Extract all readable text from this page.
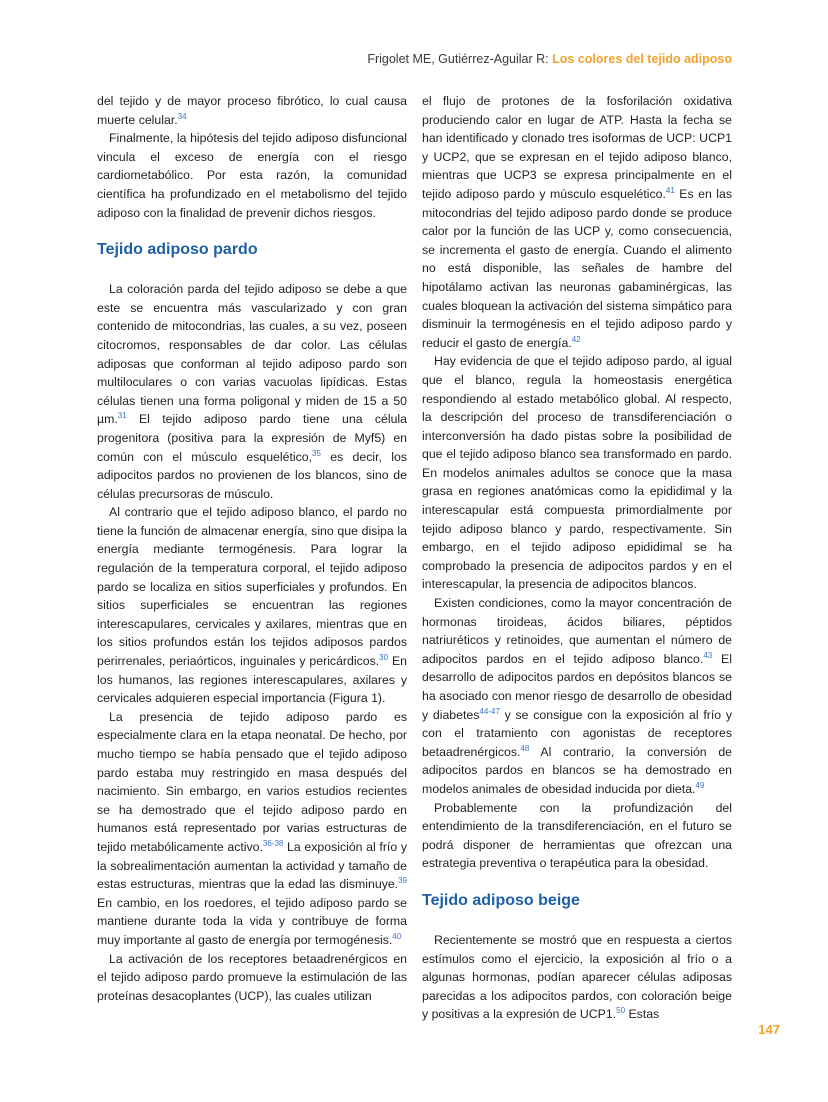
Frigolet ME, Gutiérrez-Aguilar R: Los colores del tejido adiposo

del tejido y de mayor proceso fibrótico, lo cual causa muerte celular.$^{34}$

Finalmente, la hipótesis del tejido adiposo disfuncional vincula el exceso de energía con el riesgo cardiometabólico. Por esta razón, la comunidad científica ha profundizado en el metabolismo del tejido adiposo con la finalidad de prevenir dichos riesgos.

Tejido adiposo pardo

La coloración parda del tejido adiposo se debe a que este se encuentra más vascularizado y con gran contenido de mitocondrias, las cuales, a su vez, poseen citocromos, responsables de dar color. Las células adiposas que conforman al tejido adiposo pardo son multiloculares o con varias vacuolas lipídicas. Estas células tienen una forma poligonal y miden de 15 a 50 µm.$^{31}$ El tejido adiposo pardo tiene una célula progenitora (positiva para la expresión de Myf5) en común con el músculo esquelético,$^{35}$ es decir, los adipocitos pardos no provienen de los blancos, sino de células precursoras de músculo.

Al contrario que el tejido adiposo blanco, el pardo no tiene la función de almacenar energía, sino que disipa la energía mediante termogénesis. Para lograr la regulación de la temperatura corporal, el tejido adiposo pardo se localiza en sitios superficiales y profundos. En sitios superficiales se encuentran las regiones interescapulares, cervicales y axilares, mientras que en los sitios profundos están los tejidos adiposos pardos perirrenales, periaórticos, inguinales y pericárdicos.$^{30}$ En los humanos, las regiones interescapulares, axilares y cervicales adquieren especial importancia (Figura 1).

La presencia de tejido adiposo pardo es especialmente clara en la etapa neonatal. De hecho, por mucho tiempo se había pensado que el tejido adiposo pardo estaba muy restringido en masa después del nacimiento. Sin embargo, en varios estudios recientes se ha demostrado que el tejido adiposo pardo en humanos está representado por varias estructuras de tejido metabólicamente activo.$^{36-38}$ La exposición al frío y la sobrealimentación aumentan la actividad y tamaño de estas estructuras, mientras que la edad las disminuye.$^{39}$ En cambio, en los roedores, el tejido adiposo pardo se mantiene durante toda la vida y contribuye de forma muy importante al gasto de energía por termogénesis.$^{40}$

La activación de los receptores betaadrenérgicos en el tejido adiposo pardo promueve la estimulación de las proteínas desacoplantes (UCP), las cuales utilizan

el flujo de protones de la fosforilación oxidativa produciendo calor en lugar de ATP. Hasta la fecha se han identificado y clonado tres isoformas de UCP: UCP1 y UCP2, que se expresan en el tejido adiposo blanco, mientras que UCP3 se expresa principalmente en el tejido adiposo pardo y músculo esquelético.$^{41}$ Es en las mitocondrias del tejido adiposo pardo donde se produce calor por la función de las UCP y, como consecuencia, se incrementa el gasto de energía. Cuando el alimento no está disponible, las señales de hambre del hipotálamo activan las neuronas gabaminérgicas, las cuales bloquean la activación del sistema simpático para disminuir la termogénesis en el tejido adiposo pardo y reducir el gasto de energía.$^{42}$

Hay evidencia de que el tejido adiposo pardo, al igual que el blanco, regula la homeostasis energética respondiendo al estado metabólico global. Al respecto, la descripción del proceso de transdiferenciación o interconversión ha dado pistas sobre la posibilidad de que el tejido adiposo blanco sea transformado en pardo. En modelos animales adultos se conoce que la masa grasa en regiones anatómicas como la epididimal y la interescapular está compuesta primordialmente por tejido adiposo blanco y pardo, respectivamente. Sin embargo, en el tejido adiposo epididimal se ha comprobado la presencia de adipocitos pardos y en el interescapular, la presencia de adipocitos blancos.

Existen condiciones, como la mayor concentración de hormonas tiroideas, ácidos biliares, péptidos natriuréticos y retinoides, que aumentan el número de adipocitos pardos en el tejido adiposo blanco.$^{43}$ El desarrollo de adipocitos pardos en depósitos blancos se ha asociado con menor riesgo de desarrollo de obesidad y diabetes$^{44-47}$ y se consigue con la exposición al frío y con el tratamiento con agonistas de receptores betaadrenérgicos.$^{48}$ Al contrario, la conversión de adipocitos pardos en blancos se ha demostrado en modelos animales de obesidad inducida por dieta.$^{49}$

Probablemente con la profundización del entendimiento de la transdiferenciación, en el futuro se podrá disponer de herramientas que ofrezcan una estrategia preventiva o terapéutica para la obesidad.

Tejido adiposo beige

Recientemente se mostró que en respuesta a ciertos estímulos como el ejercicio, la exposición al frío o a algunas hormonas, podían aparecer células adiposas parecidas a los adipocitos pardos, con coloración beige y positivas a la expresión de UCP1.50 Estas

147
